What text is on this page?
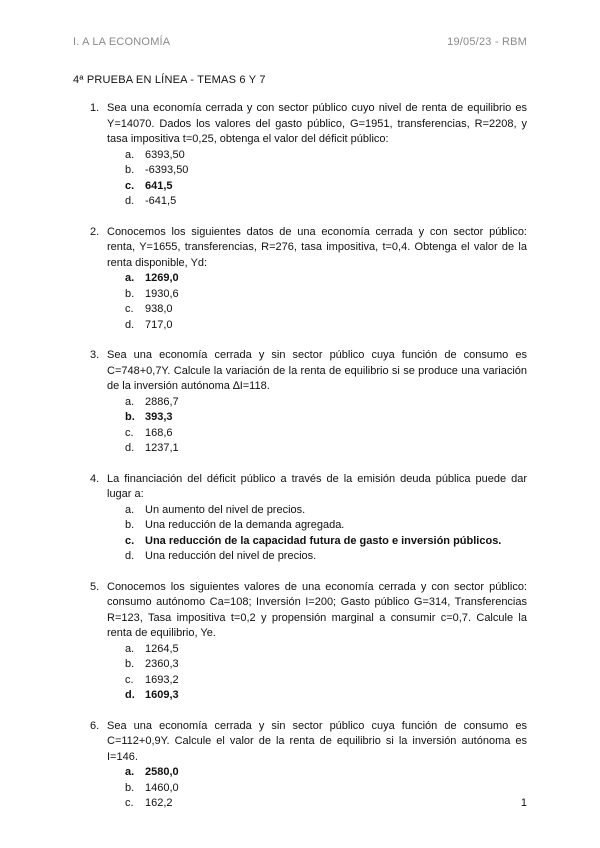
I. A LA ECONOMÍA	19/05/23 - RBM
4ª PRUEBA EN LÍNEA - TEMAS 6 Y 7
1. Sea una economía cerrada y con sector público cuyo nivel de renta de equilibrio es Y=14070. Dados los valores del gasto público, G=1951, transferencias, R=2208, y tasa impositiva t=0,25, obtenga el valor del déficit público:
a. 6393,50
b. -6393,50
c. 641,5
d. -641,5
2. Conocemos los siguientes datos de una economía cerrada y con sector público: renta, Y=1655, transferencias, R=276, tasa impositiva, t=0,4. Obtenga el valor de la renta disponible, Yd:
a. 1269,0
b. 1930,6
c. 938,0
d. 717,0
3. Sea una economía cerrada y sin sector público cuya función de consumo es C=748+0,7Y. Calcule la variación de la renta de equilibrio si se produce una variación de la inversión autónoma ∆I=118.
a. 2886,7
b. 393,3
c. 168,6
d. 1237,1
4. La financiación del déficit público a través de la emisión deuda pública puede dar lugar a:
a. Un aumento del nivel de precios.
b. Una reducción de la demanda agregada.
c. Una reducción de la capacidad futura de gasto e inversión públicos.
d. Una reducción del nivel de precios.
5. Conocemos los siguientes valores de una economía cerrada y con sector público: consumo autónomo Ca=108; Inversión I=200; Gasto público G=314, Transferencias R=123, Tasa impositiva t=0,2 y propensión marginal a consumir c=0,7. Calcule la renta de equilibrio, Ye.
a. 1264,5
b. 2360,3
c. 1693,2
d. 1609,3
6. Sea una economía cerrada y sin sector público cuya función de consumo es C=112+0,9Y. Calcule el valor de la renta de equilibrio si la inversión autónoma es I=146.
a. 2580,0
b. 1460,0
c. 162,2	1
